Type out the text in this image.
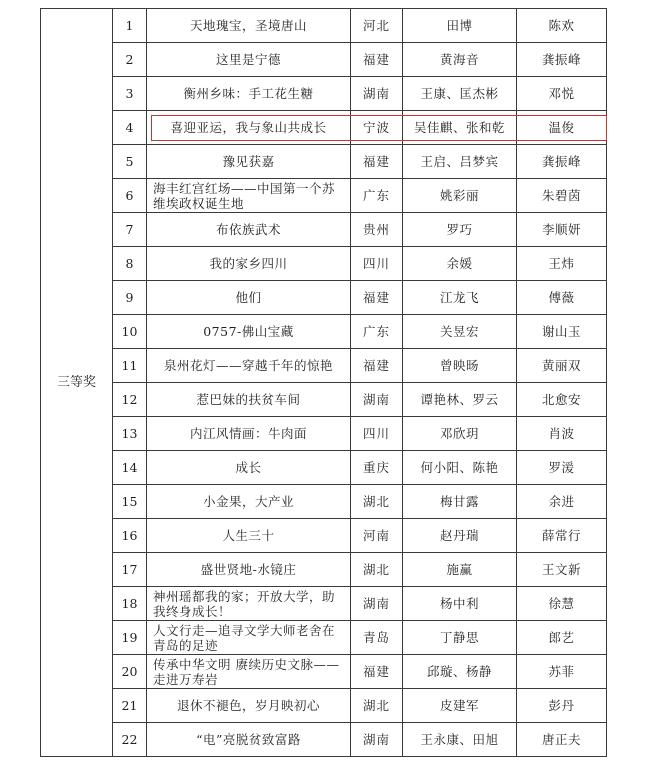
三等奖	1	天地瑰宝，圣境唐山	河北	田博	陈欢
	2	这里是宁德	福建	黄海音	龚振峰
	3	衡州乡味：手工花生糖	湖南	王康、匡杰彬	邓悦
	4	喜迎亚运，我与象山共成长	宁波	吴佳麒、张和乾	温俊
	5	豫见获嘉	福建	王启、吕梦宾	龚振峰
	6	海丰红宫红场——中国第一个苏维埃政权诞生地	广东	姚彩丽	朱碧茵
	7	布依族武术	贵州	罗巧	李顺妍
	8	我的家乡四川	四川	余媛	王炜
	9	他们	福建	江龙飞	傅薇
	10	0757-佛山宝藏	广东	关昱宏	谢山玉
	11	泉州花灯——穿越千年的惊艳	福建	曾映旸	黄丽双
	12	惹巴妹的扶贫车间	湖南	谭艳林、罗云	北愈安
	13	内江风情画：牛肉面	四川	邓欣玥	肖波
	14	成长	重庆	何小阳、陈艳	罗湲
	15	小金果，大产业	湖北	梅甘露	余进
	16	人生三十	河南	赵丹瑞	薛常行
	17	盛世贤地-水镜庄	湖北	施赢	王文新
	18	神州瑶都我的家；开放大学，助我终身成长！	湖南	杨中利	徐慧
	19	人文行走—追寻文学大师老舍在青岛的足迹	青岛	丁静思	郎艺
	20	传承中华文明 赓续历史文脉——走进万寿岩	福建	邱璇、杨静	苏菲
	21	退休不褪色，岁月映初心	湖北	皮建军	彭丹
	22	“电”亮脱贫致富路	湖南	王永康、田旭	唐正夫
